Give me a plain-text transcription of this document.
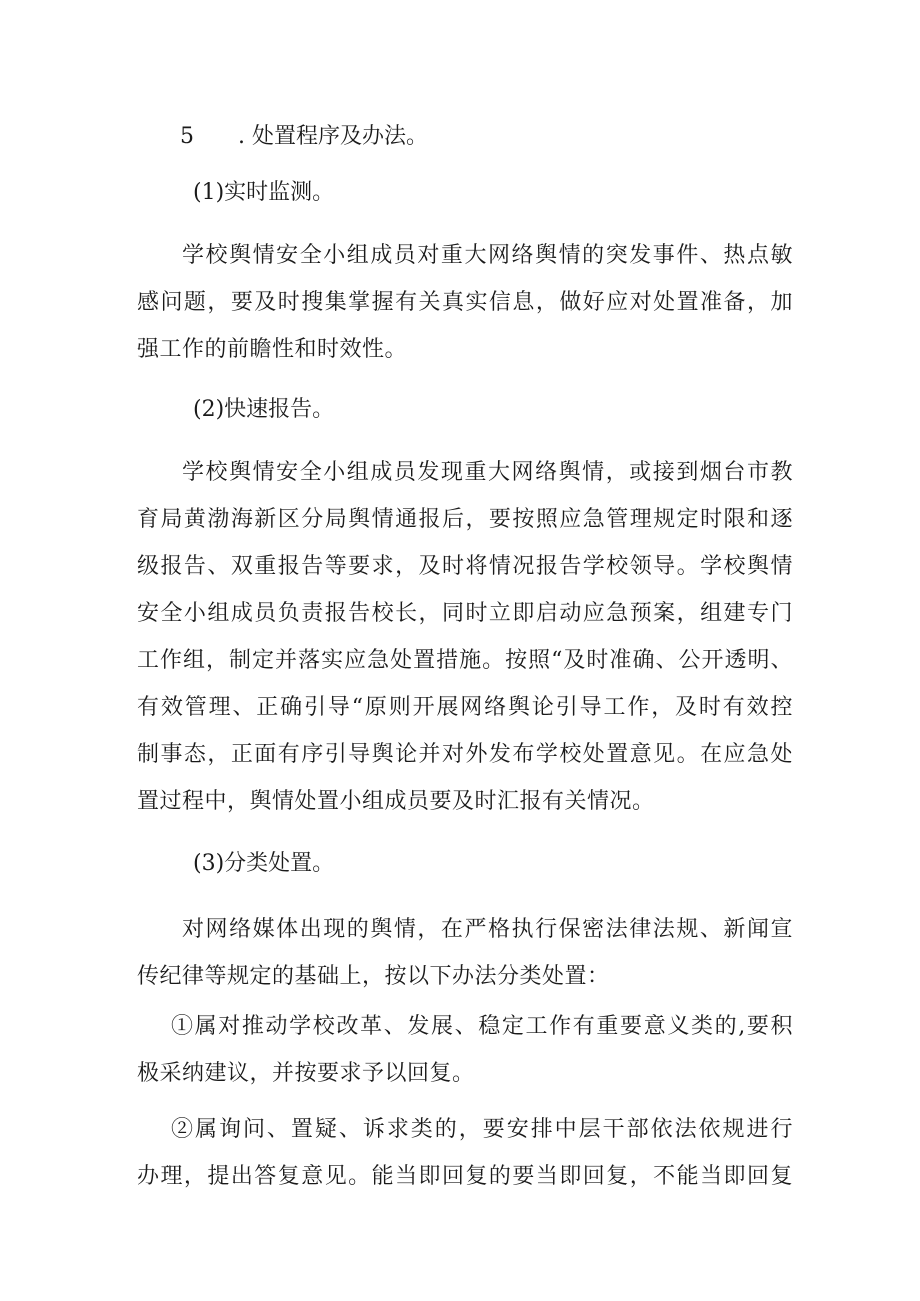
5 . 处置程序及办法。
(1)实时监测。

学校舆情安全小组成员对重大网络舆情的突发事件、热点敏
感问题，要及时搜集掌握有关真实信息，做好应对处置准备，加
强工作的前瞻性和时效性。

(2)快速报告。

学校舆情安全小组成员发现重大网络舆情，或接到烟台市教
育局黄渤海新区分局舆情通报后，要按照应急管理规定时限和逐
级报告、双重报告等要求，及时将情况报告学校领导。学校舆情
安全小组成员负责报告校长，同时立即启动应急预案，组建专门
工作组，制定并落实应急处置措施。按照“及时准确、公开透明、
有效管理、正确引导“原则开展网络舆论引导工作，及时有效控
制事态，正面有序引导舆论并对外发布学校处置意见。在应急处
置过程中，舆情处置小组成员要及时汇报有关情况。

(3)分类处置。

对网络媒体出现的舆情，在严格执行保密法律法规、新闻宣
传纪律等规定的基础上，按以下办法分类处置：

①属对推动学校改革、发展、稳定工作有重要意义类的,要积
极采纳建议，并按要求予以回复。

②属询问、置疑、诉求类的，要安排中层干部依法依规进行
办理，提出答复意见。能当即回复的要当即回复，不能当即回复
